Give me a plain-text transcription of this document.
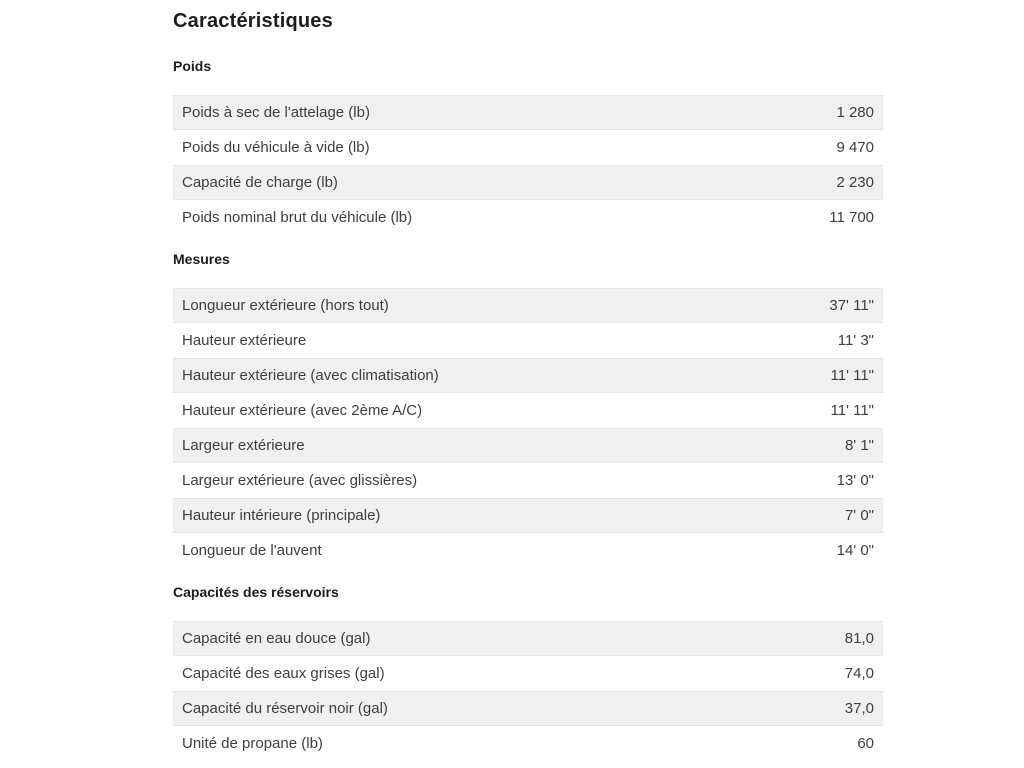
Caractéristiques
Poids
Poids à sec de l'attelage (lb)	1 280
Poids du véhicule à vide (lb)	9 470
Capacité de charge (lb)	2 230
Poids nominal brut du véhicule (lb)	11 700
Mesures
Longueur extérieure (hors tout)	37' 11"
Hauteur extérieure	11' 3"
Hauteur extérieure (avec climatisation)	11' 11"
Hauteur extérieure (avec 2ème A/C)	11' 11"
Largeur extérieure	8' 1"
Largeur extérieure (avec glissières)	13' 0"
Hauteur intérieure (principale)	7' 0"
Longueur de l'auvent	14' 0"
Capacités des réservoirs
Capacité en eau douce (gal)	81,0
Capacité des eaux grises (gal)	74,0
Capacité du réservoir noir (gal)	37,0
Unité de propane (lb)	60
